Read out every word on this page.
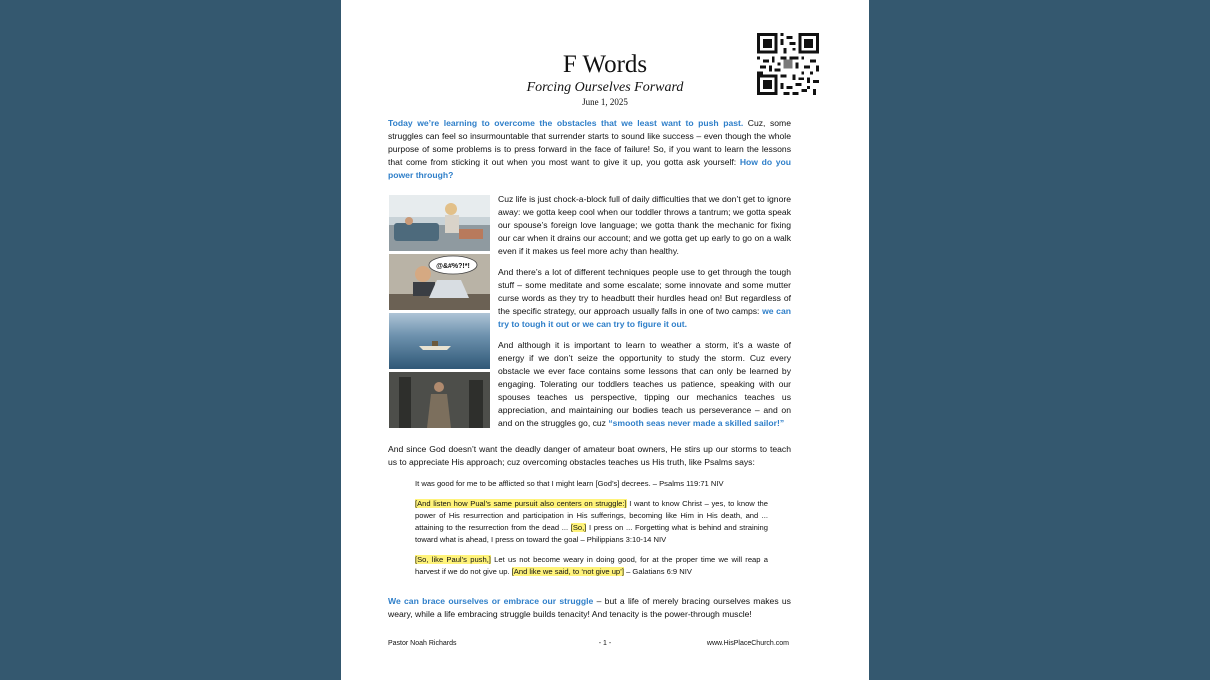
F Words
Forcing Ourselves Forward
June 1, 2025

Today we’re learning to overcome the obstacles that we least want to push past. Cuz, some struggles can feel so insurmountable that surrender starts to sound like success – even though the whole purpose of some problems is to press forward in the face of failure! So, if you want to learn the lessons that come from sticking it out when you most want to give it up, you gotta ask yourself: How do you power through?

@&#%?!*!

Cuz life is just chock-a-block full of daily difficulties that we don’t get to ignore away: we gotta keep cool when our toddler throws a tantrum; we gotta speak our spouse’s foreign love language; we gotta thank the mechanic for fixing our car when it drains our account; and we gotta get up early to go on a walk even if it makes us feel more achy than healthy.

And there’s a lot of different techniques people use to get through the tough stuff – some meditate and some escalate; some innovate and some mutter curse words as they try to headbutt their hurdles head on! But regardless of the specific strategy, our approach usually falls in one of two camps: we can try to tough it out or we can try to figure it out.

And although it is important to learn to weather a storm, it’s a waste of energy if we don’t seize the opportunity to study the storm. Cuz every obstacle we ever face contains some lessons that can only be learned by engaging. Tolerating our toddlers teaches us patience, speaking with our spouses teaches us perspective, tipping our mechanics teaches us appreciation, and maintaining our bodies teach us perseverance – and on and on the struggles go, cuz “smooth seas never made a skilled sailor!”

And since God doesn’t want the deadly danger of amateur boat owners, He stirs up our storms to teach us to appreciate His approach; cuz overcoming obstacles teaches us His truth, like Psalms says:

It was good for me to be afflicted so that I might learn [God’s] decrees. – Psalms 119:71 NIV

[And listen how Pual’s same pursuit also centers on struggle:] I want to know Christ – yes, to know the power of His resurrection and participation in His sufferings, becoming like Him in His death, and ... attaining to the resurrection from the dead ... [So,] I press on ... Forgetting what is behind and straining toward what is ahead, I press on toward the goal – Philippians 3:10-14 NIV

[So, like Paul’s push,] Let us not become weary in doing good, for at the proper time we will reap a harvest if we do not give up. [And like we said, to ‘not give up’] – Galatians 6:9 NIV

We can brace ourselves or embrace our struggle – but a life of merely bracing ourselves makes us weary, while a life embracing struggle builds tenacity! And tenacity is the power-through muscle!

Pastor Noah Richards	- 1 -	www.HisPlaceChurch.com
